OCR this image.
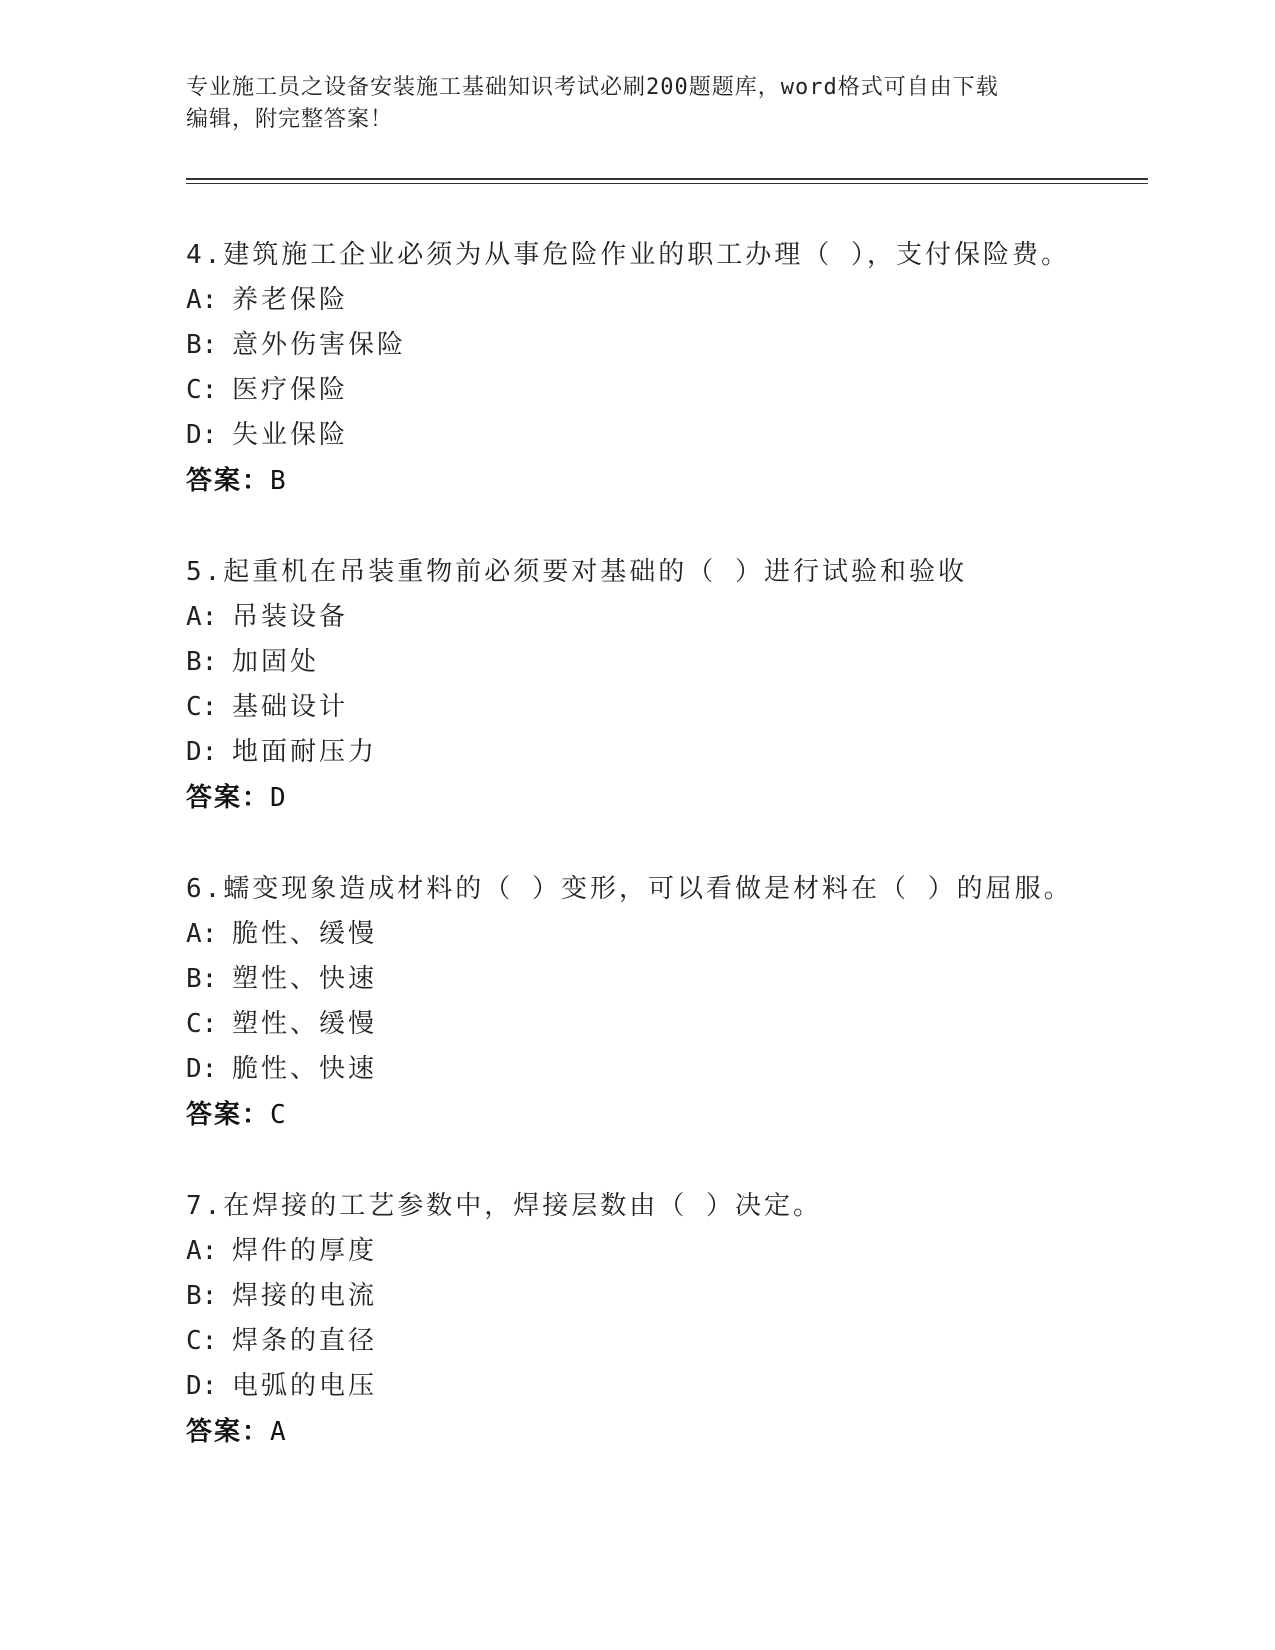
专业施工员之设备安装施工基础知识考试必刷200题题库，word格式可自由下载

编辑，附完整答案！

4.建筑施工企业必须为从事危险作业的职工办理（ ），支付保险费。
A: 养老保险
B: 意外伤害保险
C: 医疗保险
D: 失业保险
答案：B
5.起重机在吊装重物前必须要对基础的（ ）进行试验和验收
A: 吊装设备
B: 加固处
C: 基础设计
D: 地面耐压力
答案：D
6.蠕变现象造成材料的（ ）变形，可以看做是材料在（ ）的屈服。
A: 脆性、缓慢
B: 塑性、快速
C: 塑性、缓慢
D: 脆性、快速
答案：C
7.在焊接的工艺参数中，焊接层数由（ ）决定。
A: 焊件的厚度
B: 焊接的电流
C: 焊条的直径
D: 电弧的电压
答案：A
